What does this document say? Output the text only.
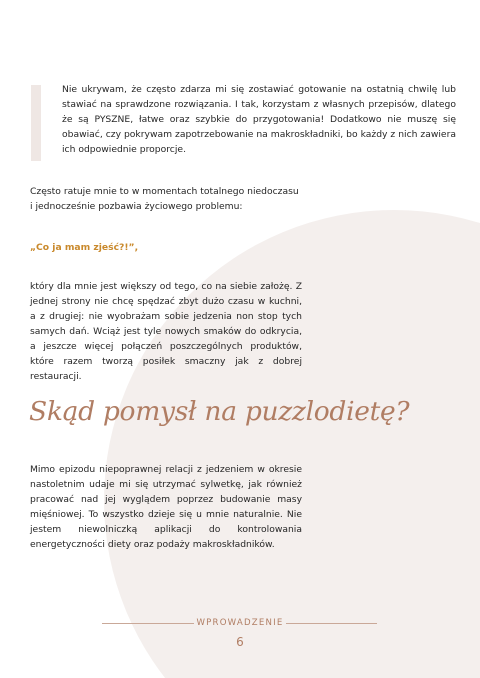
Nie ukrywam, że często zdarza mi się zostawiać gotowanie na ostatnią chwilę lub stawiać na sprawdzone rozwiązania. I tak, korzystam z własnych przepisów, dlatego że są PYSZNE, łatwe oraz szybkie do przygotowania! Dodatkowo nie muszę się obawiać, czy pokrywam zapotrzebowanie na makroskładniki, bo każdy z nich zawiera ich odpowiednie proporcje.

Często ratuje mnie to w momentach totalnego niedoczasu i jednocześnie pozbawia życiowego problemu:

„Co ja mam zjeść?!”,

który dla mnie jest większy od tego, co na siebie założę. Z jednej strony nie chcę spędzać zbyt dużo czasu w kuchni, a z drugiej: nie wyobrażam sobie jedzenia non stop tych samych dań. Wciąż jest tyle nowych smaków do odkrycia, a jeszcze więcej połączeń poszczególnych produktów, które razem tworzą posiłek smaczny jak z dobrej restauracji.

Skąd pomysł na puzzlodietę?

Mimo epizodu niepoprawnej relacji z jedzeniem w okresie nastoletnim udaje mi się utrzymać sylwetkę, jak również pracować nad jej wyglądem poprzez budowanie masy mięśniowej. To wszystko dzieje się u mnie naturalnie. Nie jestem niewolniczką aplikacji do kontrolowania energetyczności diety oraz podaży makroskładników.

WPROWADZENIE
6
